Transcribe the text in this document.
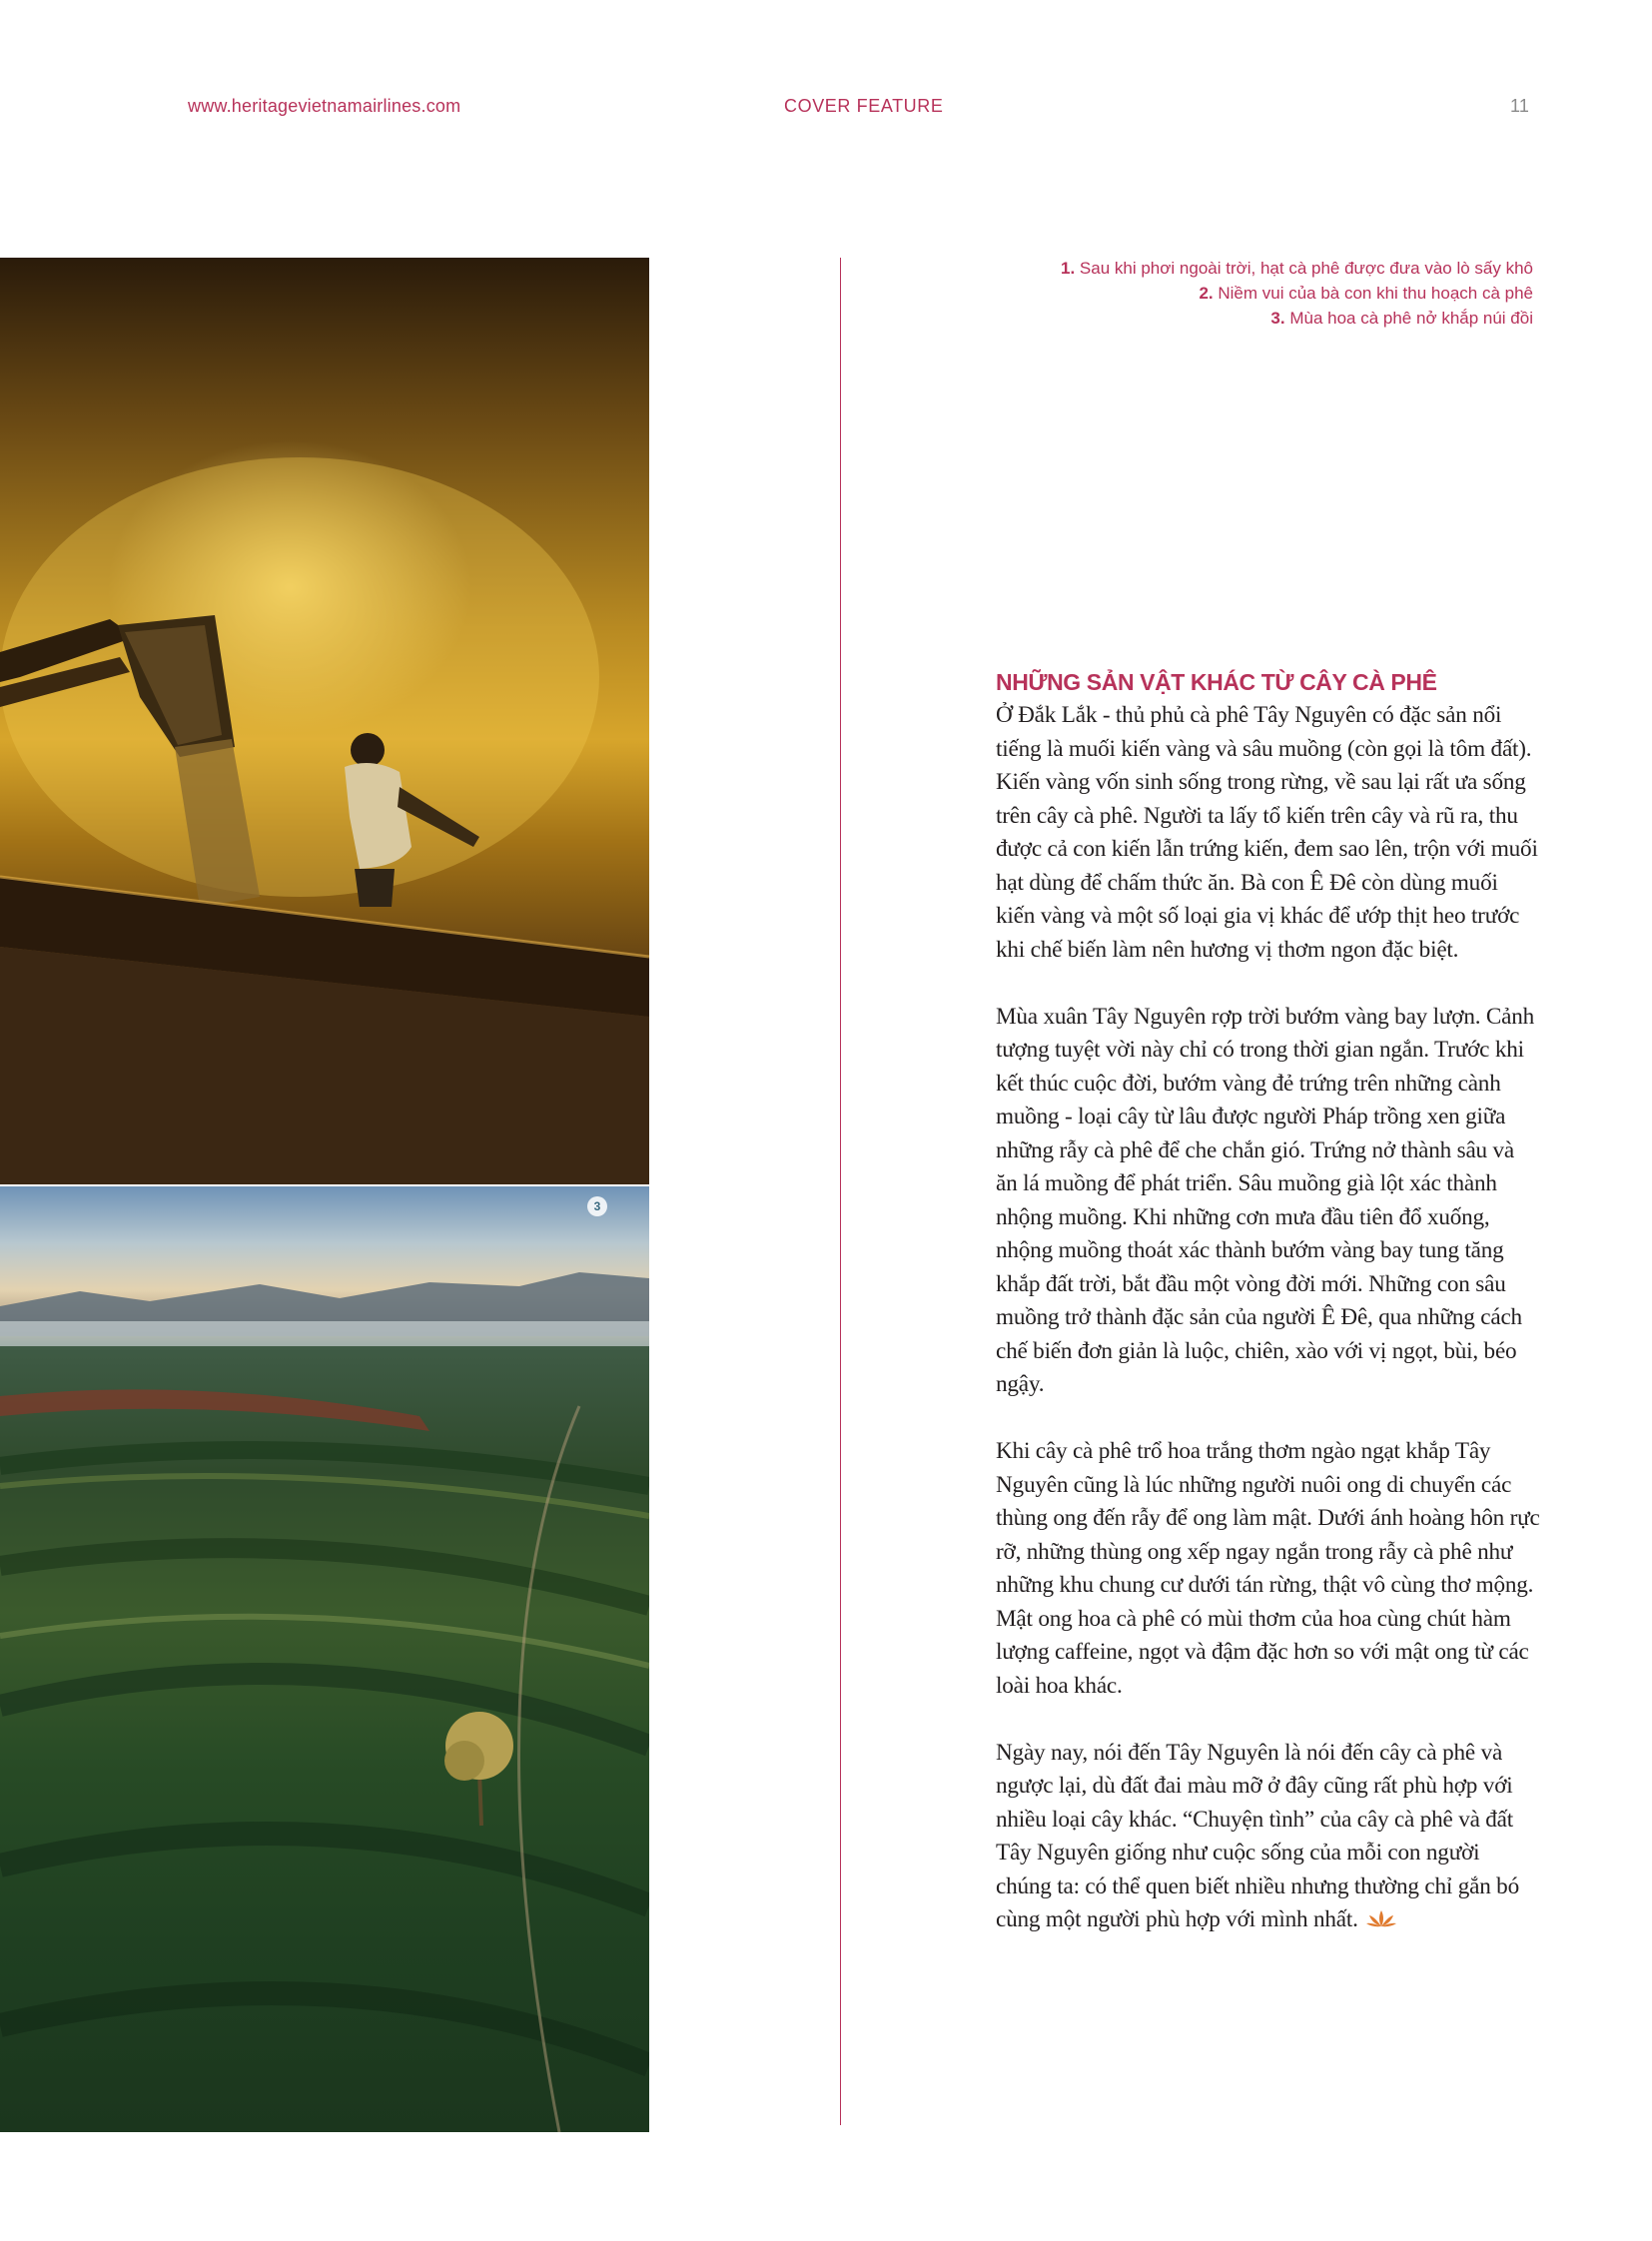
www.heritagevietnamairlines.com	COVER FEATURE	11
3
1. Sau khi phơi ngoài trời, hạt cà phê được đưa vào lò sấy khô
2. Niềm vui của bà con khi thu hoạch cà phê
3. Mùa hoa cà phê nở khắp núi đồi
NHỮNG SẢN VẬT KHÁC TỪ CÂY CÀ PHÊ

Ở Đắk Lắk - thủ phủ cà phê Tây Nguyên có đặc sản nổi tiếng là muối kiến vàng và sâu muồng (còn gọi là tôm đất). Kiến vàng vốn sinh sống trong rừng, về sau lại rất ưa sống trên cây cà phê. Người ta lấy tổ kiến trên cây và rũ ra, thu được cả con kiến lẫn trứng kiến, đem sao lên, trộn với muối hạt dùng để chấm thức ăn. Bà con Ê Đê còn dùng muối kiến vàng và một số loại gia vị khác để ướp thịt heo trước khi chế biến làm nên hương vị thơm ngon đặc biệt.

Mùa xuân Tây Nguyên rợp trời bướm vàng bay lượn. Cảnh tượng tuyệt vời này chỉ có trong thời gian ngắn. Trước khi kết thúc cuộc đời, bướm vàng đẻ trứng trên những cành muồng - loại cây từ lâu được người Pháp trồng xen giữa những rẫy cà phê để che chắn gió. Trứng nở thành sâu và ăn lá muồng để phát triển. Sâu muồng già lột xác thành nhộng muồng. Khi những cơn mưa đầu tiên đổ xuống, nhộng muồng thoát xác thành bướm vàng bay tung tăng khắp đất trời, bắt đầu một vòng đời mới. Những con sâu muồng trở thành đặc sản của người Ê Đê, qua những cách chế biến đơn giản là luộc, chiên, xào với vị ngọt, bùi, béo ngậy.

Khi cây cà phê trổ hoa trắng thơm ngào ngạt khắp Tây Nguyên cũng là lúc những người nuôi ong di chuyển các thùng ong đến rẫy để ong làm mật. Dưới ánh hoàng hôn rực rỡ, những thùng ong xếp ngay ngắn trong rẫy cà phê như những khu chung cư dưới tán rừng, thật vô cùng thơ mộng. Mật ong hoa cà phê có mùi thơm của hoa cùng chút hàm lượng caffeine, ngọt và đậm đặc hơn so với mật ong từ các loài hoa khác.

Ngày nay, nói đến Tây Nguyên là nói đến cây cà phê và ngược lại, dù đất đai màu mỡ ở đây cũng rất phù hợp với nhiều loại cây khác. “Chuyện tình” của cây cà phê và đất Tây Nguyên giống như cuộc sống của mỗi con người chúng ta: có thể quen biết nhiều nhưng thường chỉ gắn bó cùng một người phù hợp với mình nhất.
